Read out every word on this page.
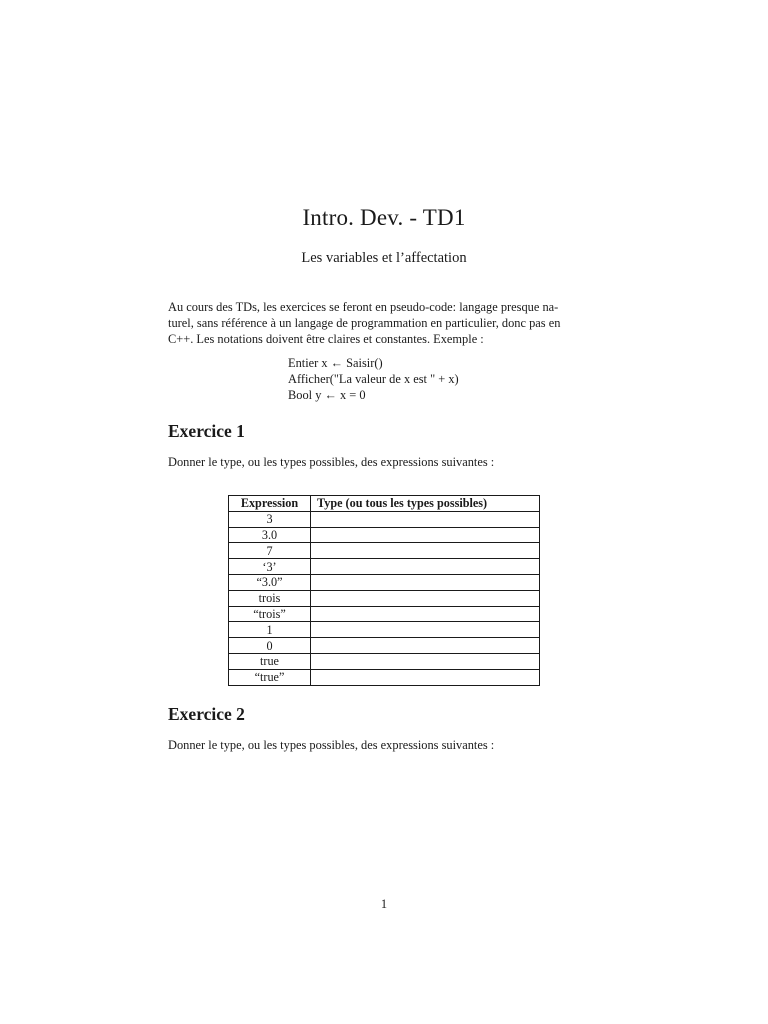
Intro. Dev. - TD1
Les variables et l’affectation
Au cours des TDs, les exercices se feront en pseudo-code: langage presque na-
turel, sans référence à un langage de programmation en particulier, donc pas en
C++. Les notations doivent être claires et constantes. Exemple :
Entier x ← Saisir()
Afficher("La valeur de x est " + x)
Bool y ← x = 0
Exercice 1
Donner le type, ou les types possibles, des expressions suivantes :
Expression	Type (ou tous les types possibles)
3	
3.0	
7	
‘3’	
“3.0”	
trois	
“trois”	
1	
0	
true	
“true”	
Exercice 2
Donner le type, ou les types possibles, des expressions suivantes :
1
